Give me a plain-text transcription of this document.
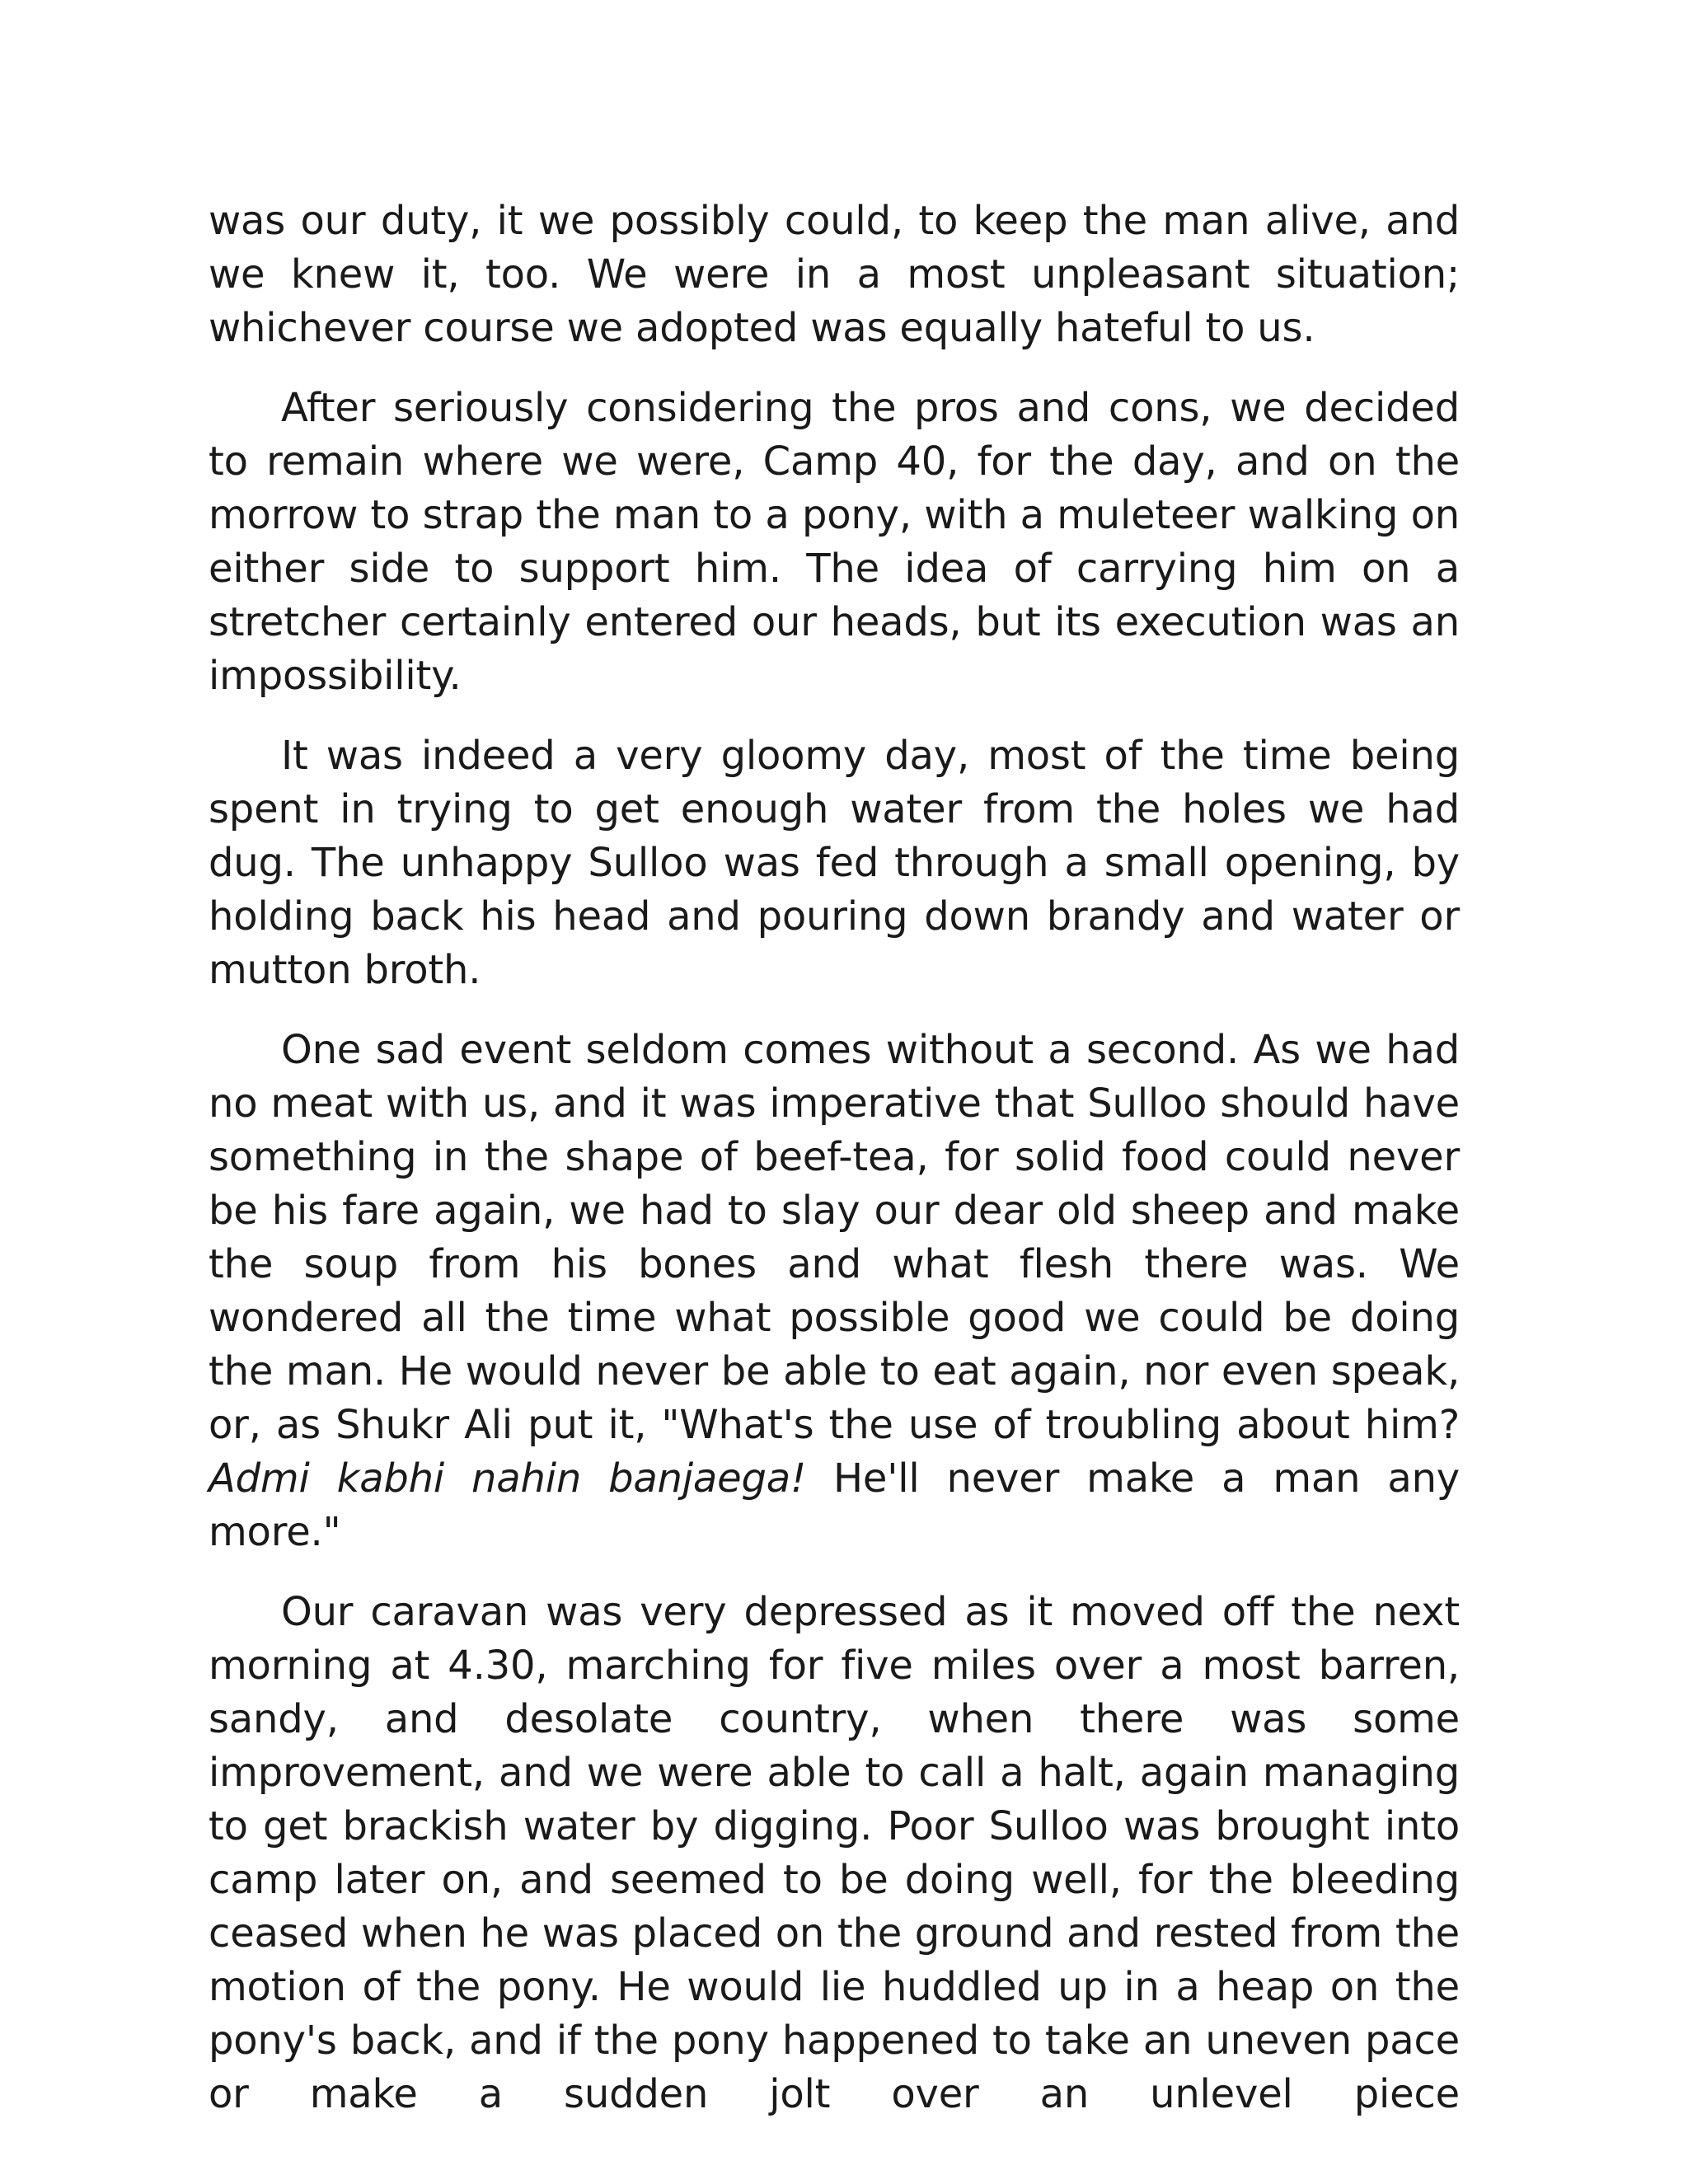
was our duty, it we possibly could, to keep the man alive, and we knew it, too. We were in a most unpleasant situation; whichever course we adopted was equally hateful to us.

After seriously considering the pros and cons, we decided to remain where we were, Camp 40, for the day, and on the morrow to strap the man to a pony, with a muleteer walking on either side to support him. The idea of carrying him on a stretcher certainly entered our heads, but its execution was an impossibility.

It was indeed a very gloomy day, most of the time being spent in trying to get enough water from the holes we had dug. The unhappy Sulloo was fed through a small opening, by holding back his head and pouring down brandy and water or mutton broth.

One sad event seldom comes without a second. As we had no meat with us, and it was imperative that Sulloo should have something in the shape of beef-tea, for solid food could never be his fare again, we had to slay our dear old sheep and make the soup from his bones and what flesh there was. We wondered all the time what possible good we could be doing the man. He would never be able to eat again, nor even speak, or, as Shukr Ali put it, "What's the use of troubling about him? Admi kabhi nahin banjaega! He'll never make a man any more."

Our caravan was very depressed as it moved off the next morning at 4.30, marching for five miles over a most barren, sandy, and desolate country, when there was some improvement, and we were able to call a halt, again managing to get brackish water by digging. Poor Sulloo was brought into camp later on, and seemed to be doing well, for the bleeding ceased when he was placed on the ground and rested from the motion of the pony. He would lie huddled up in a heap on the pony's back, and if the pony happened to take an uneven pace or make a sudden jolt over an unlevel piece
